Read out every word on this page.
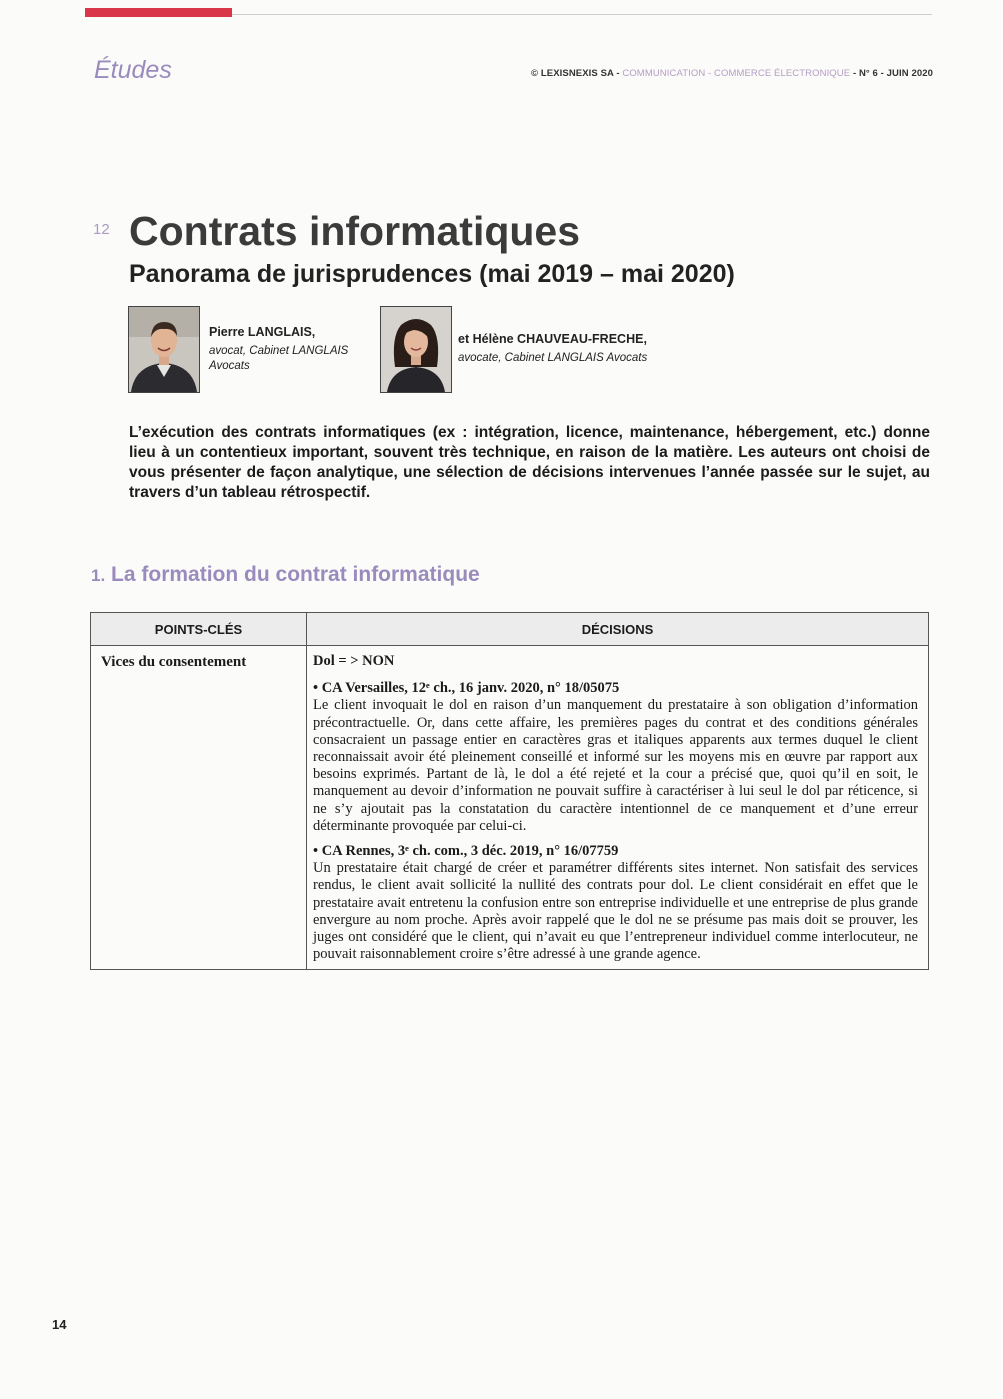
Études	© LEXISNEXIS SA - COMMUNICATION - COMMERCE ÉLECTRONIQUE - N° 6 - JUIN 2020
12 Contrats informatiques
Panorama de jurisprudences (mai 2019 – mai 2020)
Pierre LANGLAIS,
avocat, Cabinet LANGLAIS Avocats
et Hélène CHAUVEAU-FRECHE,
avocate, Cabinet LANGLAIS Avocats

L’exécution des contrats informatiques (ex : intégration, licence, maintenance, hébergement, etc.) donne lieu à un contentieux important, souvent très technique, en raison de la matière. Les auteurs ont choisi de vous présenter de façon analytique, une sélection de décisions intervenues l’année passée sur le sujet, au travers d’un tableau rétrospectif.

1. La formation du contrat informatique
POINTS-CLÉS	DÉCISIONS
Vices du consentement	Dol = > NON
• CA Versailles, 12ᵉ ch., 16 janv. 2020, n° 18/05075
Le client invoquait le dol en raison d’un manquement du prestataire à son obligation d’information précontractuelle. Or, dans cette affaire, les premières pages du contrat et des conditions générales consacraient un passage entier en caractères gras et italiques apparents aux termes duquel le client reconnaissait avoir été pleinement conseillé et informé sur les moyens mis en œuvre par rapport aux besoins exprimés. Partant de là, le dol a été rejeté et la cour a précisé que, quoi qu’il en soit, le manquement au devoir d’information ne pouvait suffire à caractériser à lui seul le dol par réticence, si ne s’y ajoutait pas la constatation du caractère intentionnel de ce manquement et d’une erreur déterminante provoquée par celui-ci.
• CA Rennes, 3ᵉ ch. com., 3 déc. 2019, n° 16/07759
Un prestataire était chargé de créer et paramétrer différents sites internet. Non satisfait des services rendus, le client avait sollicité la nullité des contrats pour dol. Le client considérait en effet que le prestataire avait entretenu la confusion entre son entreprise individuelle et une entreprise de plus grande envergure au nom proche. Après avoir rappelé que le dol ne se présume pas mais doit se prouver, les juges ont considéré que le client, qui n’avait eu que l’entrepreneur individuel comme interlocuteur, ne pouvait raisonnablement croire s’être adressé à une grande agence.
14
